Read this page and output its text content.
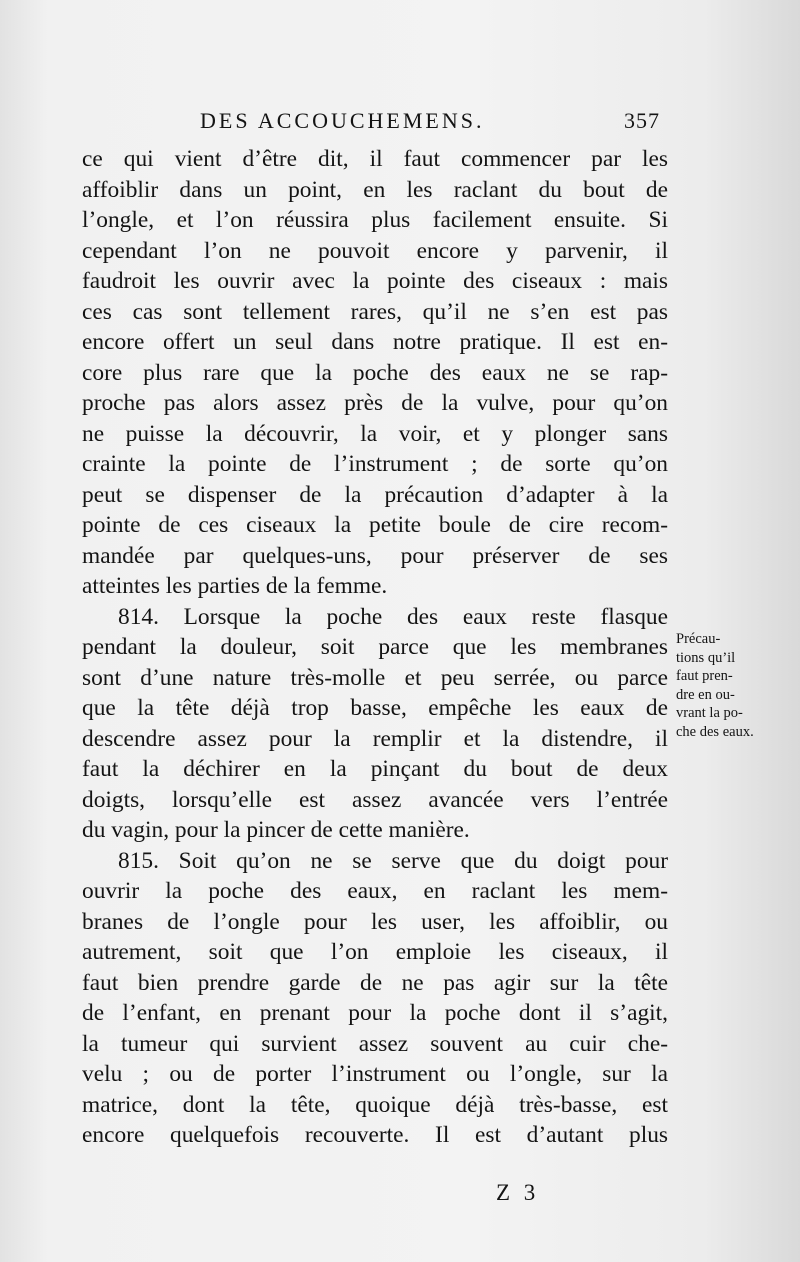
DES ACCOUCHEMENS.	357
ce qui vient d’être dit, il faut commencer par les
affoiblir dans un point, en les raclant du bout de
l’ongle, et l’on réussira plus facilement ensuite. Si
cependant l’on ne pouvoit encore y parvenir, il
faudroit les ouvrir avec la pointe des ciseaux : mais
ces cas sont tellement rares, qu’il ne s’en est pas
encore offert un seul dans notre pratique. Il est en-
core plus rare que la poche des eaux ne se rap-
proche pas alors assez près de la vulve, pour qu’on
ne puisse la découvrir, la voir, et y plonger sans
crainte la pointe de l’instrument ; de sorte qu’on
peut se dispenser de la précaution d’adapter à la
pointe de ces ciseaux la petite boule de cire recom-
mandée par quelques-uns, pour préserver de ses
atteintes les parties de la femme.
814. Lorsque la poche des eaux reste flasque
pendant la douleur, soit parce que les membranes
sont d’une nature très-molle et peu serrée, ou parce
que la tête déjà trop basse, empêche les eaux de
descendre assez pour la remplir et la distendre, il
faut la déchirer en la pinçant du bout de deux
doigts, lorsqu’elle est assez avancée vers l’entrée
du vagin, pour la pincer de cette manière.
815. Soit qu’on ne se serve que du doigt pour
ouvrir la poche des eaux, en raclant les mem-
branes de l’ongle pour les user, les affoiblir, ou
autrement, soit que l’on emploie les ciseaux, il
faut bien prendre garde de ne pas agir sur la tête
de l’enfant, en prenant pour la poche dont il s’agit,
la tumeur qui survient assez souvent au cuir che-
velu ; ou de porter l’instrument ou l’ongle, sur la
matrice, dont la tête, quoique déjà très-basse, est
encore quelquefois recouverte. Il est d’autant plus
Précau-
tions qu’il
faut pren-
dre en ou-
vrant la po-
che des eaux.
Z 3
